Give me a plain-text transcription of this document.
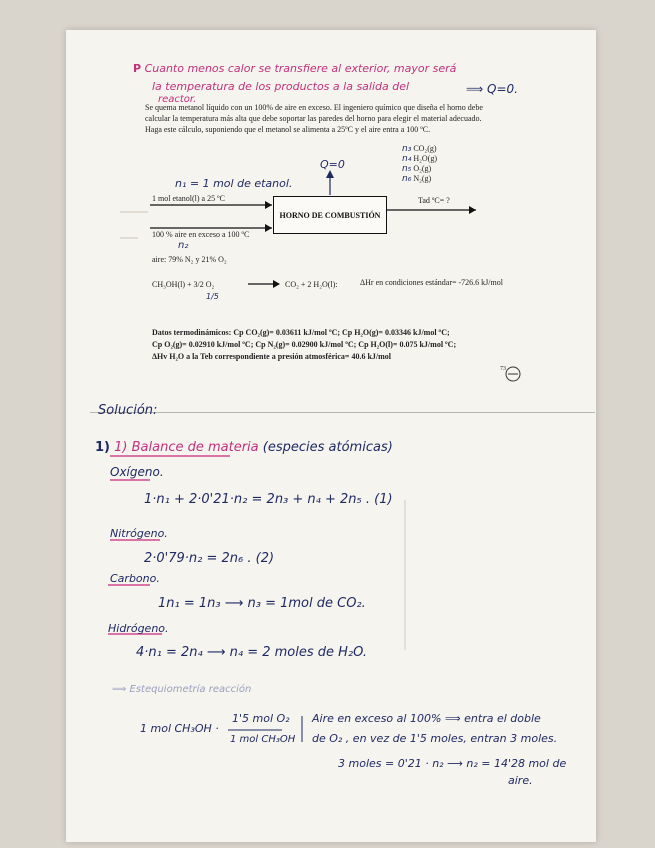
P Cuanto menos calor se transfiere al exterior, mayor será
la temperatura de los productos a la salida del
reactor.
⟹ Q=0.
Se quema metanol líquido con un 100% de aire en exceso. El ingeniero químico que diseña el horno debe
calcular la temperatura más alta que debe soportar las paredes del horno para elegir el material adecuado.
Haga este cálculo, suponiendo que el metanol se alimenta a 25ºC y el aire entra a 100 ºC.
n₃ CO₂(g)
n₄ H₂O(g)
n₅ O₂(g)
n₆ N₂(g)
Q=0
n₁ = 1 mol de etanol.
1 mol etanol(l) a 25 ºC
HORNO DE COMBUSTIÓN
Tad ºC= ?
100 % aire en exceso a 100 ºC
n₂
aire: 79% N₂ y 21% O₂
CH₃OH(l) + 3/2 O₂
1/5
CO₂ + 2 H₂O(l):	ΔHr en condiciones estándar= -726.6 kJ/mol
Datos termodinámicos: Cp CO₂(g)= 0.03611 kJ/mol ºC; Cp H₂O(g)= 0.03346 kJ/mol ºC;
Cp O₂(g)= 0.02910 kJ/mol ºC; Cp N₂(g)= 0.02900 kJ/mol ºC; Cp H₂O(l)= 0.075 kJ/mol ºC;
ΔHv H₂O a la Teb correspondiente a presión atmosférica= 40.6 kJ/mol
73
Solución:
1) 1) Balance de materia (especies atómicas)
Oxígeno.
1·n₁ + 2·0'21·n₂ = 2n₃ + n₄ + 2n₅ . (1)
Nitrógeno.
2·0'79·n₂ = 2n₆ . (2)
Carbono.
1n₁ = 1n₃ ⟶ n₃ = 1mol de CO₂.
Hidrógeno.
4·n₁ = 2n₄ ⟶ n₄ = 2 moles de H₂O.
⟹ Estequiometría reacción
1'5 mol O₂
1 mol CH₃OH ·
1 mol CH₃OH
Aire en exceso al 100% ⟹ entra el doble
de O₂ , en vez de 1'5 moles, entran 3 moles.
3 moles = 0'21 · n₂ ⟶ n₂ = 14'28 mol de
aire.
